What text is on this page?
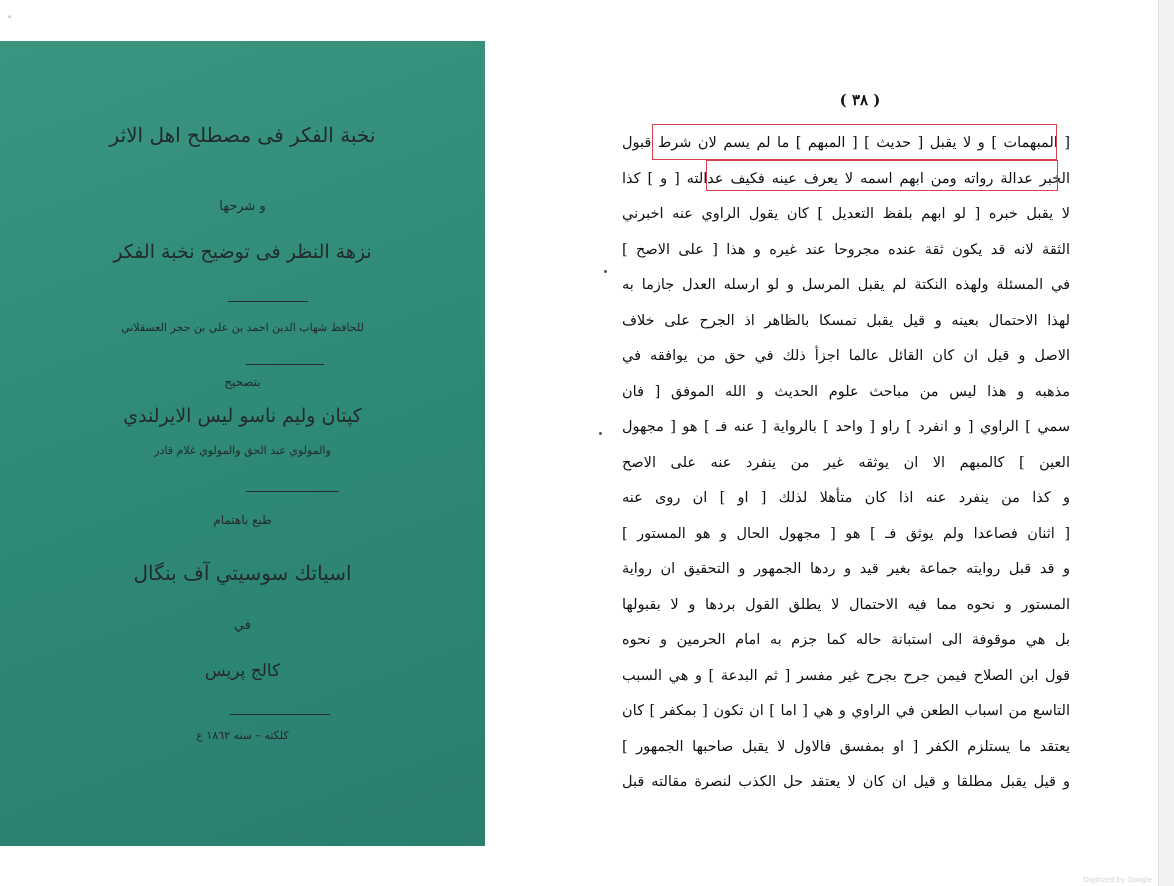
ᵃ
نخبة الفكر فى مصطلح اهل الاثر
و شرحها
نزهة النظر فى توضيح نخبة الفكر
للحافظ شهاب الدين احمد بن علي بن حجر العسقلاني
بتصحيح
كپتان وليم ناسو ليس الايرلندي
والمولوي عبد الحق والمولوي غلام قادر
طبع باهتمام
اسياتك سوسيتي آف بنگال
في
كالج پريس
كلكته – سنه ١٨٦٢ ع
( ٣٨ )
[ المبهمات ] و لا يقبل [ حديث ] [ المبهم ] ما لم يسم لان شرط قبول
الخبر عدالة رواته ومن ابهم اسمه لا يعرف عينه فكيف عدالته [ و ] كذا
لا يقبل خبره [ لو ابهم بلفظ التعديل ] كان يقول الراوي عنه اخبرني
الثقة لانه قد يكون ثقة عنده مجروحا عند غيره و هذا [ على الاصح ]
في المسئلة ولهذه النكتة لم يقبل المرسل و لو ارسله العدل جازما به
لهذا الاحتمال بعينه و قيل يقبل تمسكا بالظاهر اذ الجرح على خلاف
الاصل و قيل ان كان القائل عالما اجزأ ذلك في حق من يوافقه في
مذهبه و هذا ليس من مباحث علوم الحديث و الله الموفق [ فان
سمي ] الراوي [ و انفرد ] راو [ واحد ] بالرواية [ عنه فـ ] هو [ مجهول
العين ] كالمبهم الا ان يوثقه غير من ينفرد عنه على الاصح
و كذا من ينفرد عنه اذا كان متأهلا لذلك [ او ] ان روى عنه
[ اثنان فصاعدا ولم يوثق فـ ] هو [ مجهول الحال و هو المستور ]
و قد قبل روايته جماعة بغير قيد و ردها الجمهور و التحقيق ان رواية
المستور و نحوه مما فيه الاحتمال لا يطلق القول بردها و لا بقبولها
بل هي موقوفة الى استبانة حاله كما جزم به امام الحرمين و نحوه
قول ابن الصلاح فيمن جرح بجرح غير مفسر [ ثم البدعة ] و هي السبب
التاسع من اسباب الطعن في الراوي و هي [ اما ] ان تكون [ بمكفر ] كان
يعتقد ما يستلزم الكفر [ او بمفسق فالاول لا يقبل صاحبها الجمهور ]
و قيل يقبل مطلقا و قيل ان كان لا يعتقد حل الكذب لنصرة مقالته قبل
Digitized by Google
